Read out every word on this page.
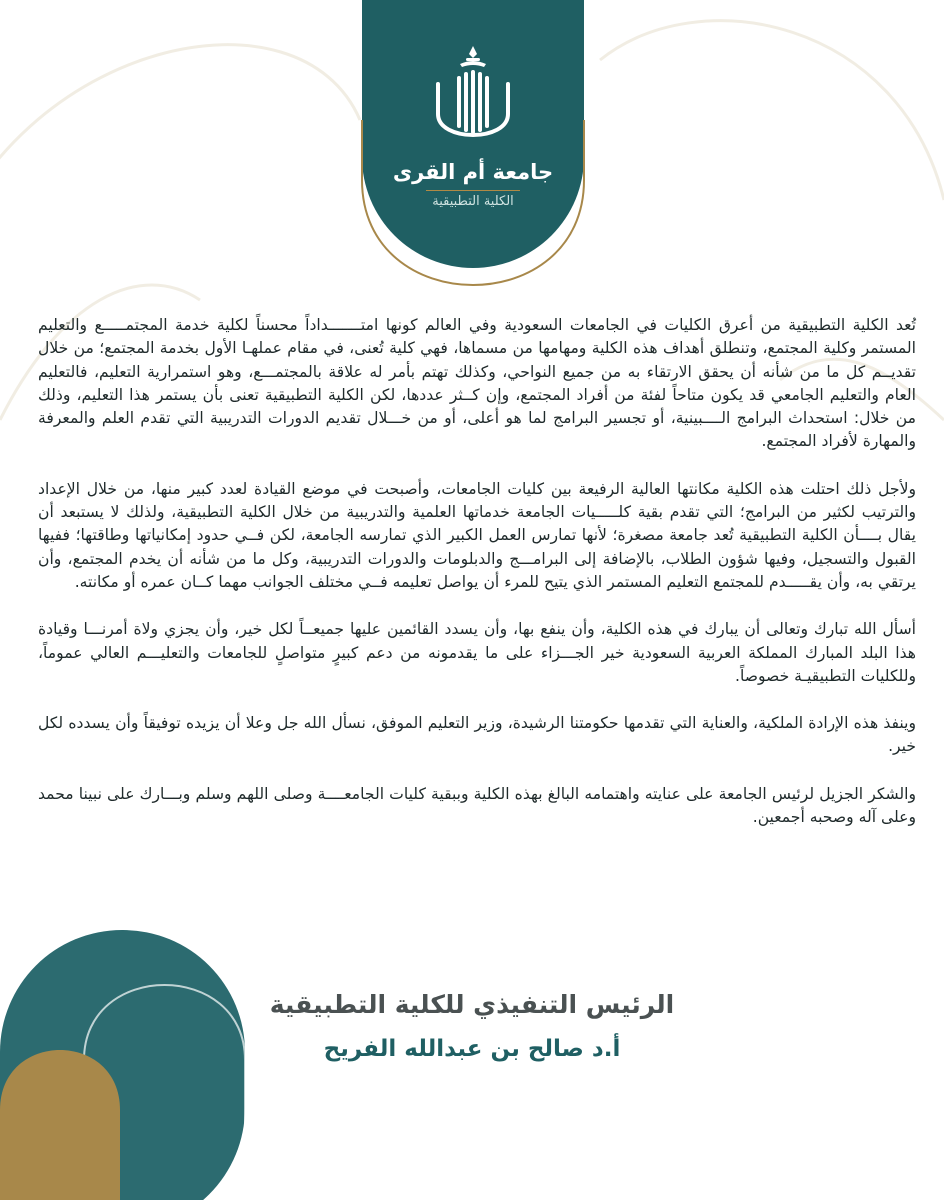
جامعة أم القرى
الكلية التطبيقية

تُعد الكلية التطبيقية من أعرق الكليات في الجامعات السعودية وفي العالم كونها امتـــــــداداً محسناً لكلية خدمة المجتمـــــع والتعليم المستمر وكلية المجتمع، وتنطلق أهداف هذه الكلية ومهامها من مسماها، فهي كلية تُعنى، في مقام عملهـا الأول بخدمة المجتمع؛ من خلال تقديــم كل ما من شأنه أن يحقق الارتقاء به من جميع النواحي، وكذلك تهتم بأمر له علاقة بالمجتمـــع، وهو استمرارية التعليم، فالتعليم العام والتعليم الجامعي قد يكون متاحاً لفئة من أفراد المجتمع، وإن كــثر عددها، لكن الكلية التطبيقية تعنى بأن يستمر هذا التعليم، وذلك من خلال: استحداث البرامج الــــبينية، أو تجسير البرامج لما هو أعلى، أو من خـــلال تقديم الدورات التدريبية التي تقدم العلم والمعرفة والمهارة لأفراد المجتمع.

ولأجل ذلك احتلت هذه الكلية مكانتها العالية الرفيعة بين كليات الجامعات، وأصبحت في موضع القيادة لعدد كبير منها، من خلال الإعداد والترتيب لكثير من البرامج؛ التي تقدم بقية كلـــــيات الجامعة خدماتها العلمية والتدريبية من خلال الكلية التطبيقية، ولذلك لا يستبعد أن يقال بــــأن الكلية التطبيقية تُعد جامعة مصغرة؛ لأنها تمارس العمل الكبير الذي تمارسه الجامعة، لكن فــي حدود إمكانياتها وطاقتها؛ ففيها القبول والتسجيل، وفيها شؤون الطلاب، بالإضافة إلى البرامـــج والدبلومات والدورات التدريبية، وكل ما من شأنه أن يخدم المجتمع، وأن يرتقي به، وأن يقـــــدم للمجتمع التعليم المستمر الذي يتيح للمرء أن يواصل تعليمه فــي مختلف الجوانب مهما كــان عمره أو مكانته.

أسأل الله تبارك وتعالى أن يبارك في هذه الكلية، وأن ينفع بها، وأن يسدد القائمين عليها جميعــاً لكل خير، وأن يجزي ولاة أمرنـــا وقيادة هذا البلد المبارك المملكة العربية السعودية خير الجـــزاء على ما يقدمونه من دعم كبيرٍ متواصلٍ للجامعات والتعليـــم العالي عموماً، وللكليات التطبيقيـة خصوصاً.

وينفذ هذه الإرادة الملكية، والعناية التي تقدمها حكومتنا الرشيدة، وزير التعليم الموفق، نسأل الله جل وعلا أن يزيده توفيقاً وأن يسدده لكل خير.

والشكر الجزيل لرئيس الجامعة على عنايته واهتمامه البالغ بهذه الكلية وببقية كليات الجامعــــة وصلى اللهم وسلم وبـــارك على نبينا محمد وعلى آله وصحبه أجمعين.

الرئيس التنفيذي للكلية التطبيقية
أ.د صالح بن عبدالله الفريح
